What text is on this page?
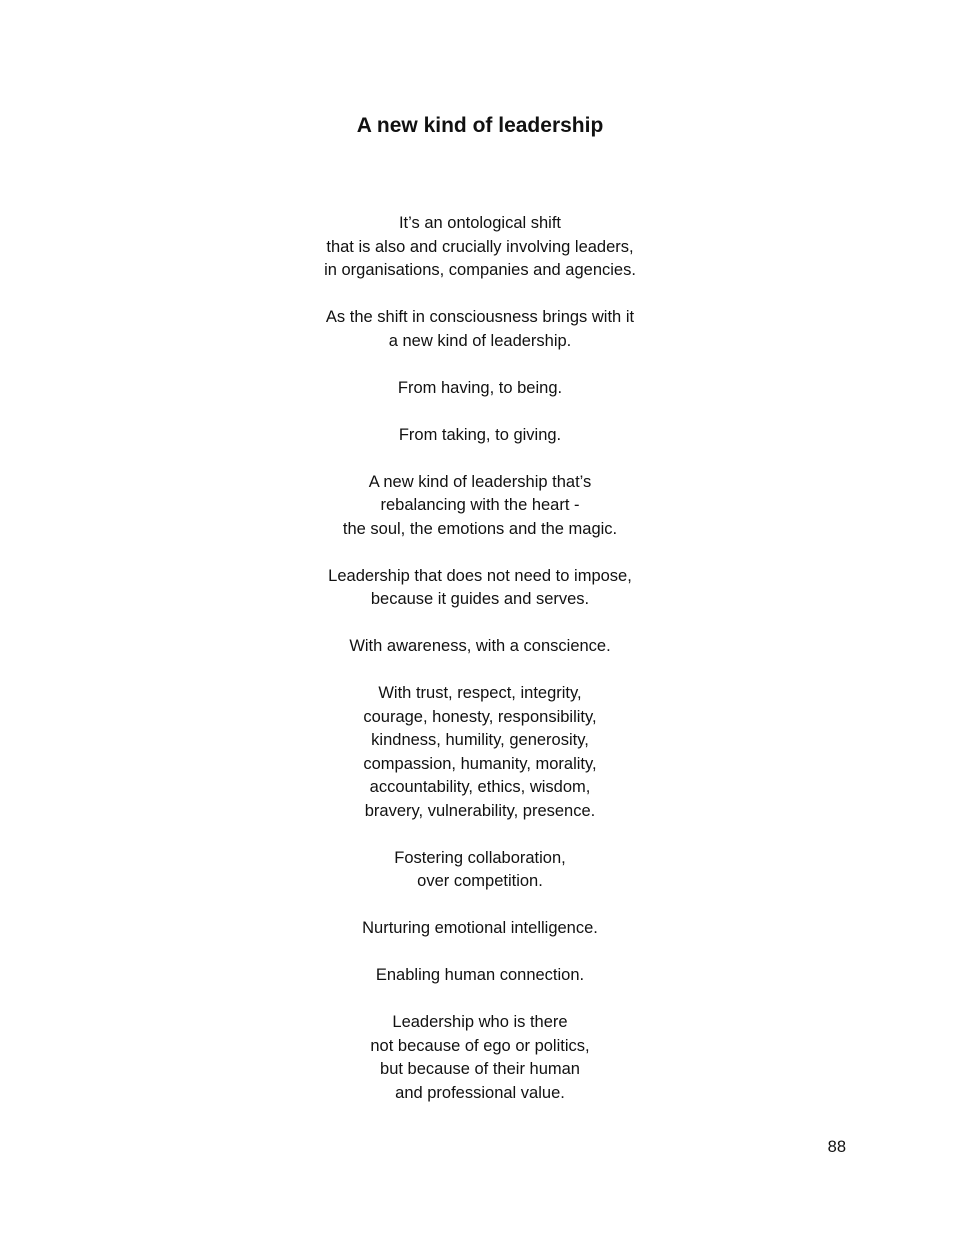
A new kind of leadership

It’s an ontological shift
that is also and crucially involving leaders,
in organisations, companies and agencies.

As the shift in consciousness brings with it
a new kind of leadership.

From having, to being.

From taking, to giving.

A new kind of leadership that’s
rebalancing with the heart -
the soul, the emotions and the magic.

Leadership that does not need to impose,
because it guides and serves.

With awareness, with a conscience.

With trust, respect, integrity,
courage, honesty, responsibility,
kindness, humility, generosity,
compassion, humanity, morality,
accountability, ethics, wisdom,
bravery, vulnerability, presence.

Fostering collaboration,
over competition.

Nurturing emotional intelligence.

Enabling human connection.

Leadership who is there
not because of ego or politics,
but because of their human
and professional value.

88
